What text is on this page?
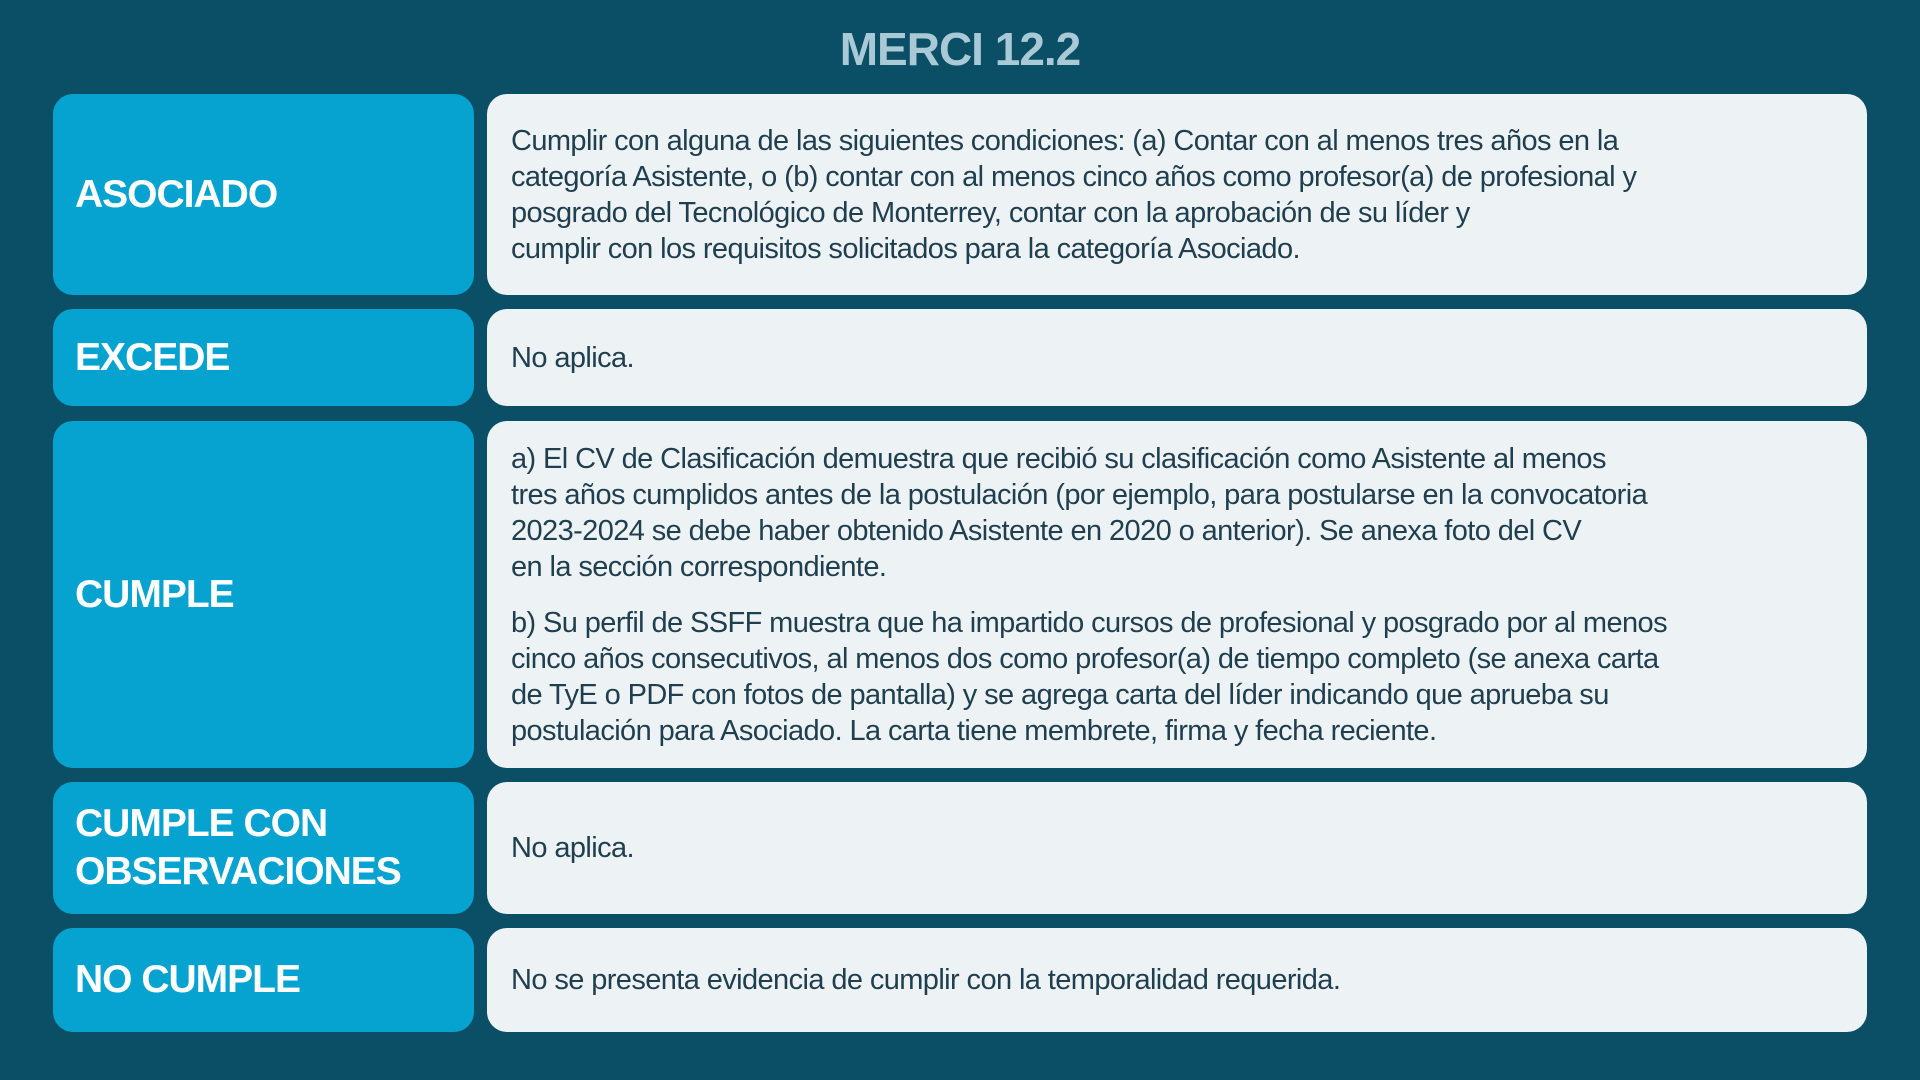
MERCI 12.2
ASOCIADO

Cumplir con alguna de las siguientes condiciones: (a) Contar con al menos tres años en la
categoría Asistente, o (b) contar con al menos cinco años como profesor(a) de profesional y
posgrado del Tecnológico de Monterrey, contar con la aprobación de su líder y
cumplir con los requisitos solicitados para la categoría Asociado.

EXCEDE	No aplica.

CUMPLE

a) El CV de Clasificación demuestra que recibió su clasificación como Asistente al menos
tres años cumplidos antes de la postulación (por ejemplo, para postularse en la convocatoria
2023-2024 se debe haber obtenido Asistente en 2020 o anterior). Se anexa foto del CV
en la sección correspondiente.

b) Su perfil de SSFF muestra que ha impartido cursos de profesional y posgrado por al menos
cinco años consecutivos, al menos dos como profesor(a) de tiempo completo (se anexa carta
de TyE o PDF con fotos de pantalla) y se agrega carta del líder indicando que aprueba su
postulación para Asociado. La carta tiene membrete, firma y fecha reciente.

CUMPLE CON
OBSERVACIONES

No aplica.

NO CUMPLE	No se presenta evidencia de cumplir con la temporalidad requerida.
